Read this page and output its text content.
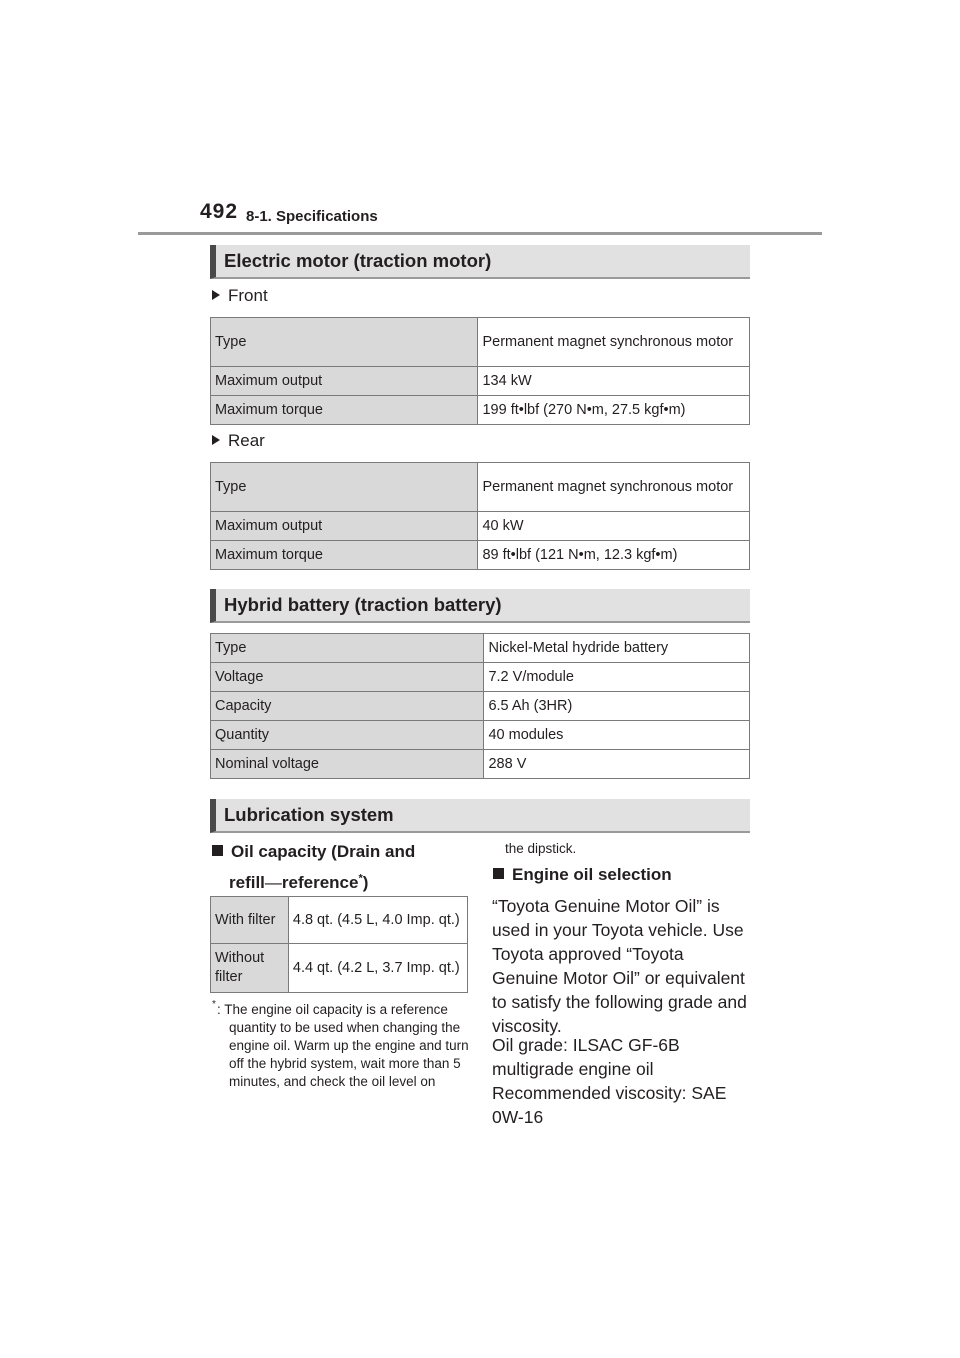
492 8-1. Specifications
Electric motor (traction motor)
Front
Type	Permanent magnet synchronous motor
Maximum output	134 kW
Maximum torque	199 ft•lbf (270 N•m, 27.5 kgf•m)
Rear
Type	Permanent magnet synchronous motor
Maximum output	40 kW
Maximum torque	89 ft•lbf (121 N•m, 12.3 kgf•m)
Hybrid battery (traction battery)
Type	Nickel-Metal hydride battery
Voltage	7.2 V/module
Capacity	6.5 Ah (3HR)
Quantity	40 modules
Nominal voltage	288 V
Lubrication system
Oil capacity (Drain and
refill—reference*)
With filter	4.8 qt. (4.5 L, 4.0 Imp. qt.)
Without filter	4.4 qt. (4.2 L, 3.7 Imp. qt.)
* : The engine oil capacity is a reference quantity to be used when changing the engine oil. Warm up the engine and turn off the hybrid system, wait more than 5 minutes, and check the oil level on
the dipstick.
Engine oil selection
“Toyota Genuine Motor Oil” is used in your Toyota vehicle. Use Toyota approved “Toyota Genuine Motor Oil” or equivalent to satisfy the following grade and viscosity.
Oil grade: ILSAC GF-6B multigrade engine oil
Recommended viscosity: SAE 0W-16
